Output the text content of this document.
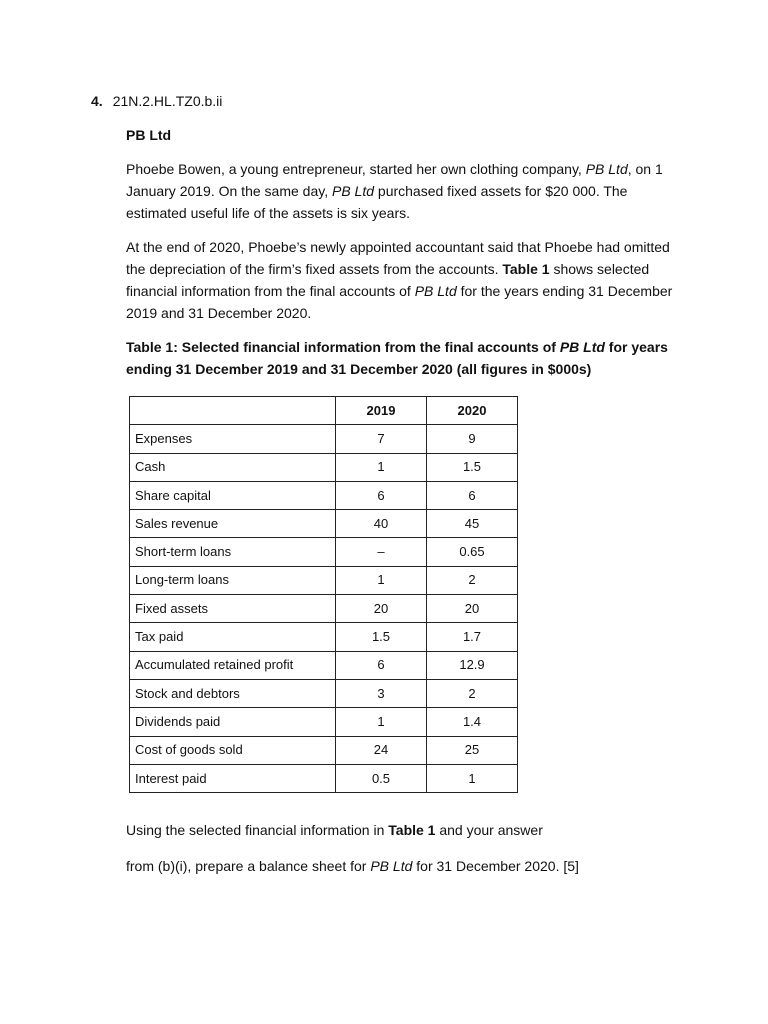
4. 21N.2.HL.TZ0.b.ii

PB Ltd

Phoebe Bowen, a young entrepreneur, started her own clothing company, PB Ltd, on 1 January 2019. On the same day, PB Ltd purchased fixed assets for $20 000. The estimated useful life of the assets is six years.

At the end of 2020, Phoebe’s newly appointed accountant said that Phoebe had omitted the depreciation of the firm’s fixed assets from the accounts. Table 1 shows selected financial information from the final accounts of PB Ltd for the years ending 31 December 2019 and 31 December 2020.

Table 1: Selected financial information from the final accounts of PB Ltd for years ending 31 December 2019 and 31 December 2020 (all figures in $000s)

	2019	2020
Expenses	7	9
Cash	1	1.5
Share capital	6	6
Sales revenue	40	45
Short-term loans	–	0.65
Long-term loans	1	2
Fixed assets	20	20
Tax paid	1.5	1.7
Accumulated retained profit	6	12.9
Stock and debtors	3	2
Dividends paid	1	1.4
Cost of goods sold	24	25
Interest paid	0.5	1

Using the selected financial information in Table 1 and your answer

from (b)(i), prepare a balance sheet for PB Ltd for 31 December 2020. [5]
